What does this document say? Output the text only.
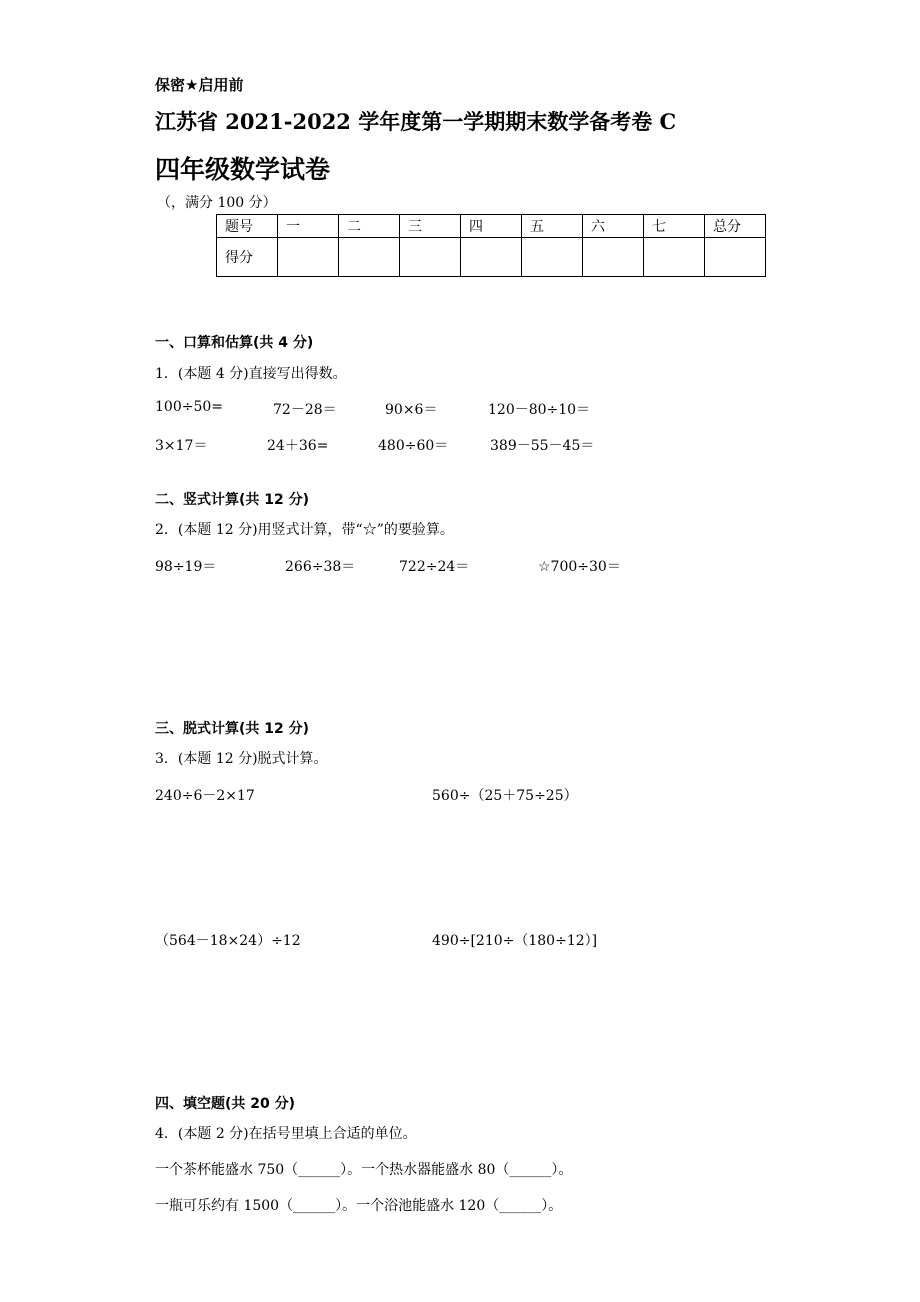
保密★启用前
江苏省 2021-2022 学年度第一学期期末数学备考卷 C
四年级数学试卷
（，满分 100 分）
题号	一	二	三	四	五	六	七	总分
得分								
一、口算和估算(共 4 分)
1．(本题 4 分)直接写出得数。
100÷50=	72－28＝	90×6＝	120－80÷10＝
3×17＝	24＋36=	480÷60＝	389－55－45＝
二、竖式计算(共 12 分)
2．(本题 12 分)用竖式计算，带“☆”的要验算。
98÷19＝	266÷38＝	722÷24＝	☆700÷30＝
三、脱式计算(共 12 分)
3．(本题 12 分)脱式计算。
240÷6－2×17	560÷（25＋75÷25）
（564－18×24）÷12	490÷[210÷（180÷12）]
四、填空题(共 20 分)
4．(本题 2 分)在括号里填上合适的单位。
一个茶杯能盛水 750（______）。一个热水器能盛水 80（______）。
一瓶可乐约有 1500（______）。一个浴池能盛水 120（______）。
